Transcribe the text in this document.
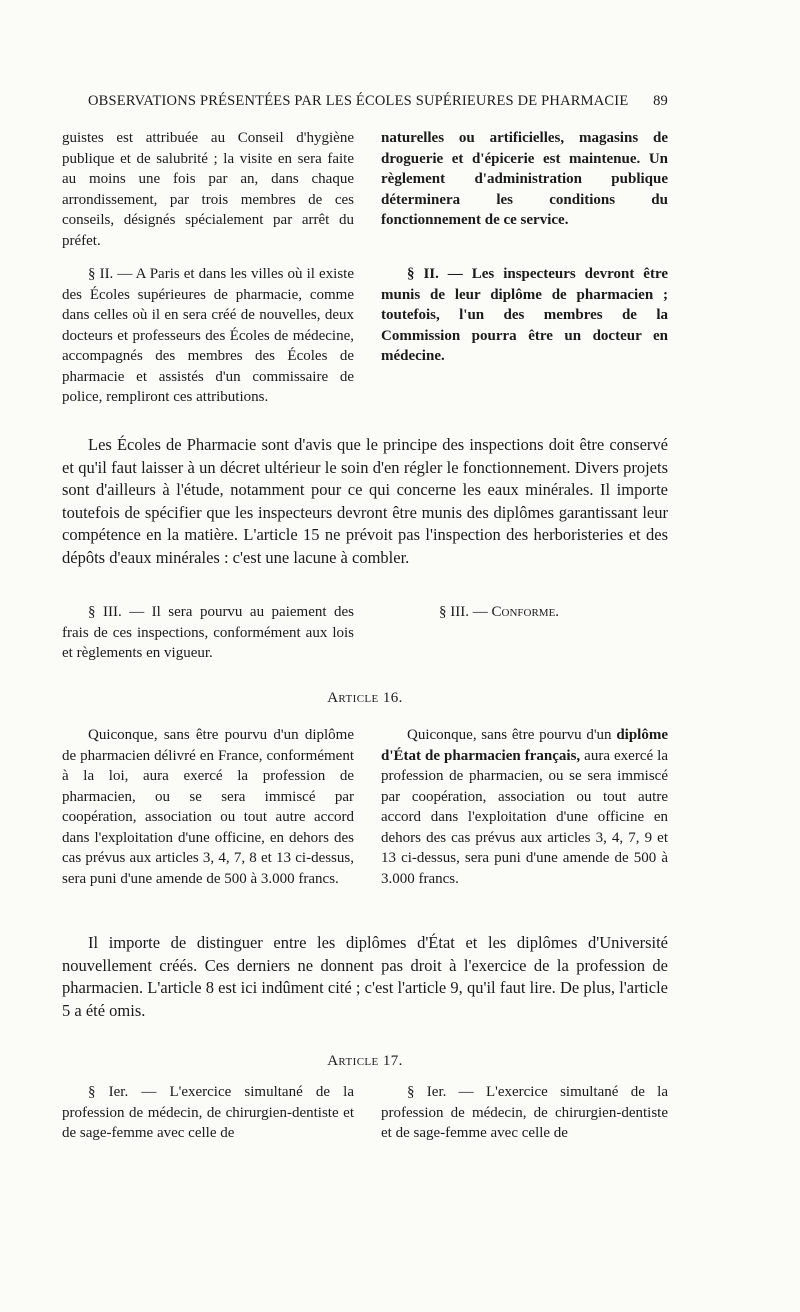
OBSERVATIONS PRÉSENTÉES PAR LES ÉCOLES SUPÉRIEURES DE PHARMACIE 89

guistes est attribuée au Conseil d'hygiène publique et de salubrité ; la visite en sera faite au moins une fois par an, dans chaque arrondissement, par trois membres de ces conseils, désignés spécialement par arrêt du préfet.

naturelles ou artificielles, magasins de droguerie et d'épicerie est maintenue. Un règlement d'administration publique déterminera les conditions du fonctionnement de ce service.

§ II. — A Paris et dans les villes où il existe des Écoles supérieures de pharmacie, comme dans celles où il en sera créé de nouvelles, deux docteurs et professeurs des Écoles de médecine, accompagnés des membres des Écoles de pharmacie et assistés d'un commissaire de police, rempliront ces attributions.

§ II. — Les inspecteurs devront être munis de leur diplôme de pharmacien ; toutefois, l'un des membres de la Commission pourra être un docteur en médecine.

Les Écoles de Pharmacie sont d'avis que le principe des inspections doit être conservé et qu'il faut laisser à un décret ultérieur le soin d'en régler le fonctionnement. Divers projets sont d'ailleurs à l'étude, notamment pour ce qui concerne les eaux minérales. Il importe toutefois de spécifier que les inspecteurs devront être munis des diplômes garantissant leur compétence en la matière. L'article 15 ne prévoit pas l'inspection des herboristeries et des dépôts d'eaux minérales : c'est une lacune à combler.

§ III. — Il sera pourvu au paiement des frais de ces inspections, conformément aux lois et règlements en vigueur.

§ III. — Conforme.

Article 16.

Quiconque, sans être pourvu d'un diplôme de pharmacien délivré en France, conformément à la loi, aura exercé la profession de pharmacien, ou se sera immiscé par coopération, association ou tout autre accord dans l'exploitation d'une officine, en dehors des cas prévus aux articles 3, 4, 7, 8 et 13 ci-dessus, sera puni d'une amende de 500 à 3.000 francs.

Quiconque, sans être pourvu d'un diplôme d'État de pharmacien français, aura exercé la profession de pharmacien, ou se sera immiscé par coopération, association ou tout autre accord dans l'exploitation d'une officine en dehors des cas prévus aux articles 3, 4, 7, 9 et 13 ci-dessus, sera puni d'une amende de 500 à 3.000 francs.

Il importe de distinguer entre les diplômes d'État et les diplômes d'Université nouvellement créés. Ces derniers ne donnent pas droit à l'exercice de la profession de pharmacien. L'article 8 est ici indûment cité ; c'est l'article 9, qu'il faut lire. De plus, l'article 5 a été omis.

Article 17.

§ Ier. — L'exercice simultané de la profession de médecin, de chirurgien-dentiste et de sage-femme avec celle de

§ Ier. — L'exercice simultané de la profession de médecin, de chirurgien-dentiste et de sage-femme avec celle de
